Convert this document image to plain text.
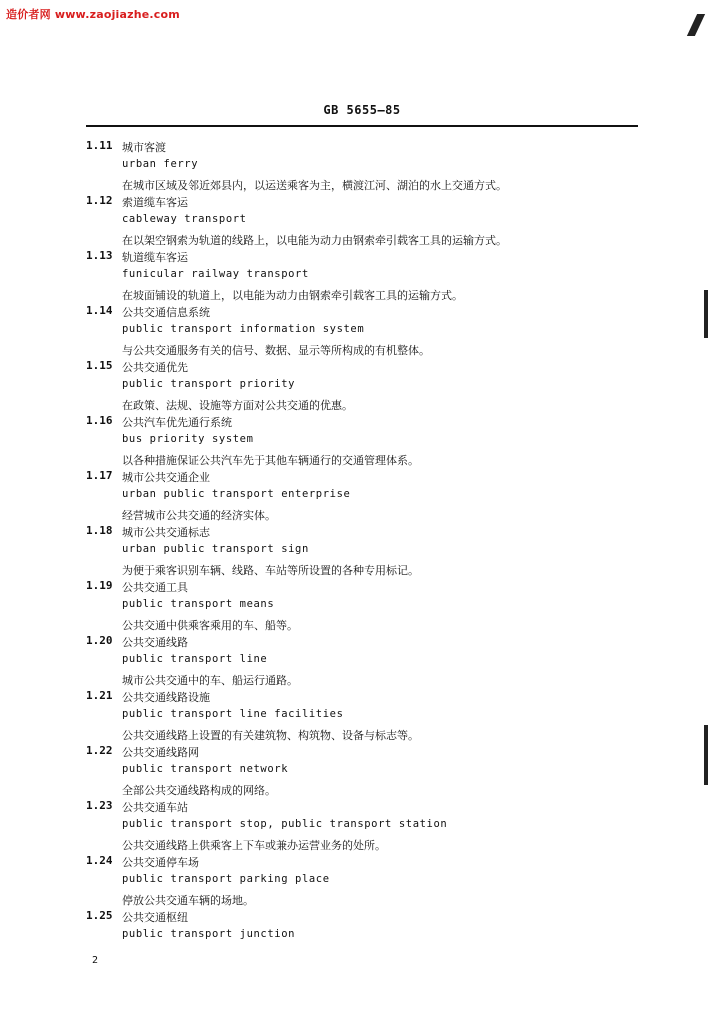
造价者网 www.zaojiazhe.com
GB 5655—85
1.11 城市客渡
urban ferry
在城市区域及邻近郊县内，以运送乘客为主，横渡江河、湖泊的水上交通方式。
1.12 索道缆车客运
cableway transport
在以架空钢索为轨道的线路上，以电能为动力由钢索牵引载客工具的运输方式。
1.13 轨道缆车客运
funicular railway transport
在坡面铺设的轨道上，以电能为动力由钢索牵引载客工具的运输方式。
1.14 公共交通信息系统
public transport information system
与公共交通服务有关的信号、数据、显示等所构成的有机整体。
1.15 公共交通优先
public transport priority
在政策、法规、设施等方面对公共交通的优惠。
1.16 公共汽车优先通行系统
bus priority system
以各种措施保证公共汽车先于其他车辆通行的交通管理体系。
1.17 城市公共交通企业
urban public transport enterprise
经营城市公共交通的经济实体。
1.18 城市公共交通标志
urban public transport sign
为便于乘客识别车辆、线路、车站等所设置的各种专用标记。
1.19 公共交通工具
public transport means
公共交通中供乘客乘用的车、船等。
1.20 公共交通线路
public transport line
城市公共交通中的车、船运行通路。
1.21 公共交通线路设施
public transport line facilities
公共交通线路上设置的有关建筑物、构筑物、设备与标志等。
1.22 公共交通线路网
public transport network
全部公共交通线路构成的网络。
1.23 公共交通车站
public transport stop, public transport station
公共交通线路上供乘客上下车或兼办运营业务的处所。
1.24 公共交通停车场
public transport parking place
停放公共交通车辆的场地。
1.25 公共交通枢纽
public transport junction
2
